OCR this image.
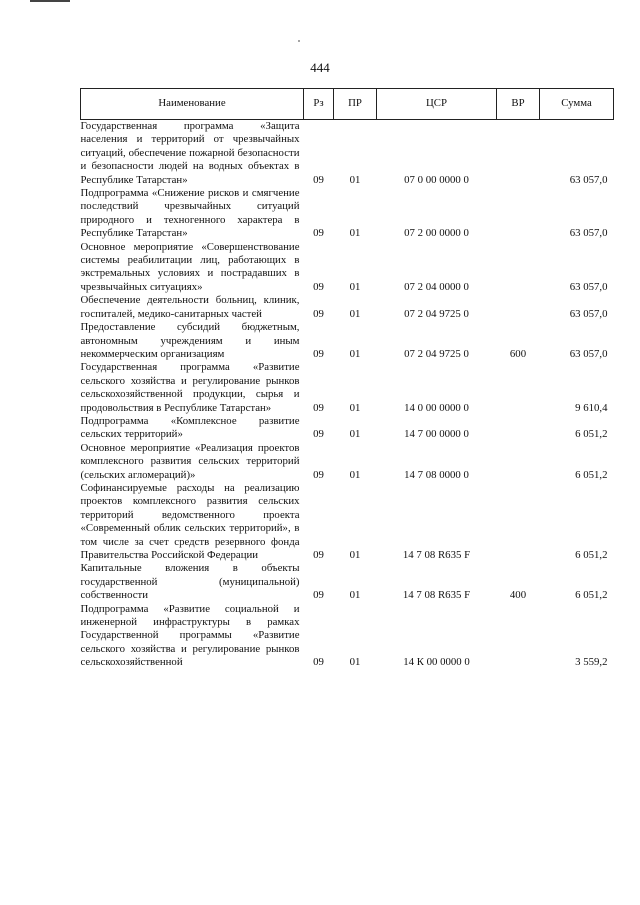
444
Наименование	Рз	ПР	ЦСР	ВР	Сумма
Государственная программа «Защита населения и территорий от чрезвычайных ситуаций, обеспечение пожарной безопасности и безопасности людей на водных объектах в Республике Татарстан»	09	01	07 0 00 0000 0		63 057,0
Подпрограмма «Снижение рисков и смягчение последствий чрезвычайных ситуаций природного и техногенного характера в Республике Татарстан»	09	01	07 2 00 0000 0		63 057,0
Основное мероприятие «Совершенствование системы реабилитации лиц, работающих в экстремальных условиях и пострадавших в чрезвычайных ситуациях»	09	01	07 2 04 0000 0		63 057,0
Обеспечение деятельности больниц, клиник, госпиталей, медико-санитарных частей	09	01	07 2 04 9725 0		63 057,0
Предоставление субсидий бюджетным, автономным учреждениям и иным некоммерческим организациям	09	01	07 2 04 9725 0	600	63 057,0
Государственная программа «Развитие сельского хозяйства и регулирование рынков сельскохозяйственной продукции, сырья и продовольствия в Республике Татарстан»	09	01	14 0 00 0000 0		9 610,4
Подпрограмма «Комплексное развитие сельских территорий»	09	01	14 7 00 0000 0		6 051,2
Основное мероприятие «Реализация проектов комплексного развития сельских территорий (сельских агломераций)»	09	01	14 7 08 0000 0		6 051,2
Софинансируемые расходы на реализацию проектов комплексного развития сельских территорий ведомственного проекта «Современный облик сельских территорий», в том числе за счет средств резервного фонда Правительства Российской Федерации	09	01	14 7 08 R635 F		6 051,2
Капитальные вложения в объекты государственной (муниципальной) собственности	09	01	14 7 08 R635 F	400	6 051,2
Подпрограмма «Развитие социальной и инженерной инфраструктуры в рамках Государственной программы «Развитие сельского хозяйства и регулирование рынков сельскохозяйственной	09	01	14 К 00 0000 0		3 559,2
